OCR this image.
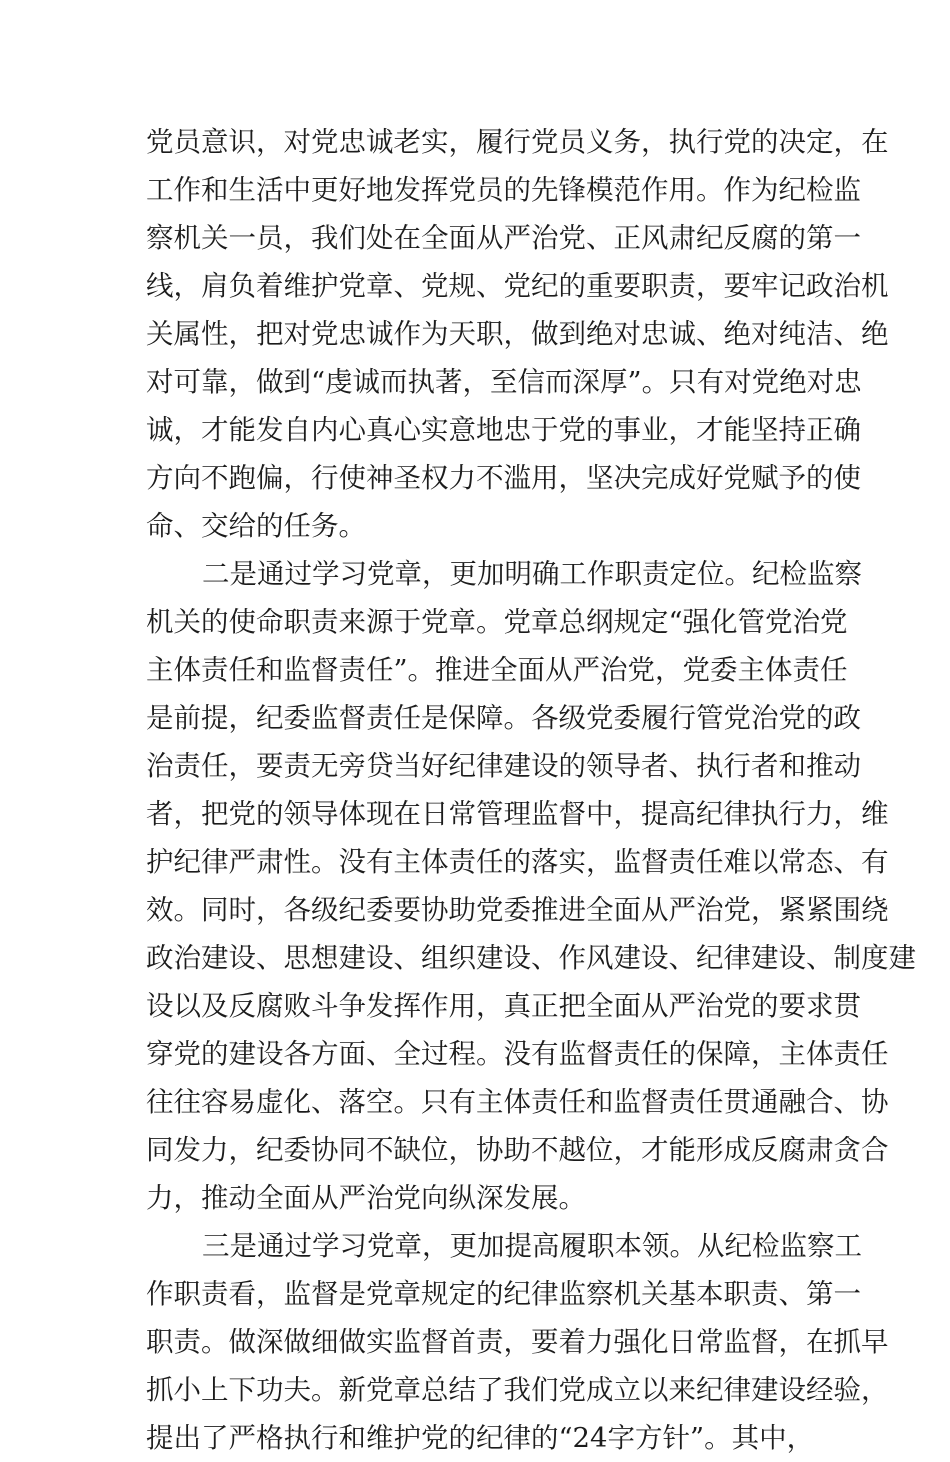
党员意识，对党忠诚老实，履行党员义务，执行党的决定，在
工作和生活中更好地发挥党员的先锋模范作用。作为纪检监
察机关一员，我们处在全面从严治党、正风肃纪反腐的第一
线，肩负着维护党章、党规、党纪的重要职责，要牢记政治机
关属性，把对党忠诚作为天职，做到绝对忠诚、绝对纯洁、绝
对可靠，做到“虔诚而执著，至信而深厚”。只有对党绝对忠
诚，才能发自内心真心实意地忠于党的事业，才能坚持正确
方向不跑偏，行使神圣权力不滥用，坚决完成好党赋予的使
命、交给的任务。
二是通过学习党章，更加明确工作职责定位。纪检监察
机关的使命职责来源于党章。党章总纲规定“强化管党治党
主体责任和监督责任”。推进全面从严治党，党委主体责任
是前提，纪委监督责任是保障。各级党委履行管党治党的政
治责任，要责无旁贷当好纪律建设的领导者、执行者和推动
者，把党的领导体现在日常管理监督中，提高纪律执行力，维
护纪律严肃性。没有主体责任的落实，监督责任难以常态、有
效。同时，各级纪委要协助党委推进全面从严治党，紧紧围绕
政治建设、思想建设、组织建设、作风建设、纪律建设、制度建
设以及反腐败斗争发挥作用，真正把全面从严治党的要求贯
穿党的建设各方面、全过程。没有监督责任的保障，主体责任
往往容易虚化、落空。只有主体责任和监督责任贯通融合、协
同发力，纪委协同不缺位，协助不越位，才能形成反腐肃贪合
力，推动全面从严治党向纵深发展。
三是通过学习党章，更加提高履职本领。从纪检监察工
作职责看，监督是党章规定的纪律监察机关基本职责、第一
职责。做深做细做实监督首责，要着力强化日常监督，在抓早
抓小上下功夫。新党章总结了我们党成立以来纪律建设经验，
提出了严格执行和维护党的纪律的“24字方针”。其中，
